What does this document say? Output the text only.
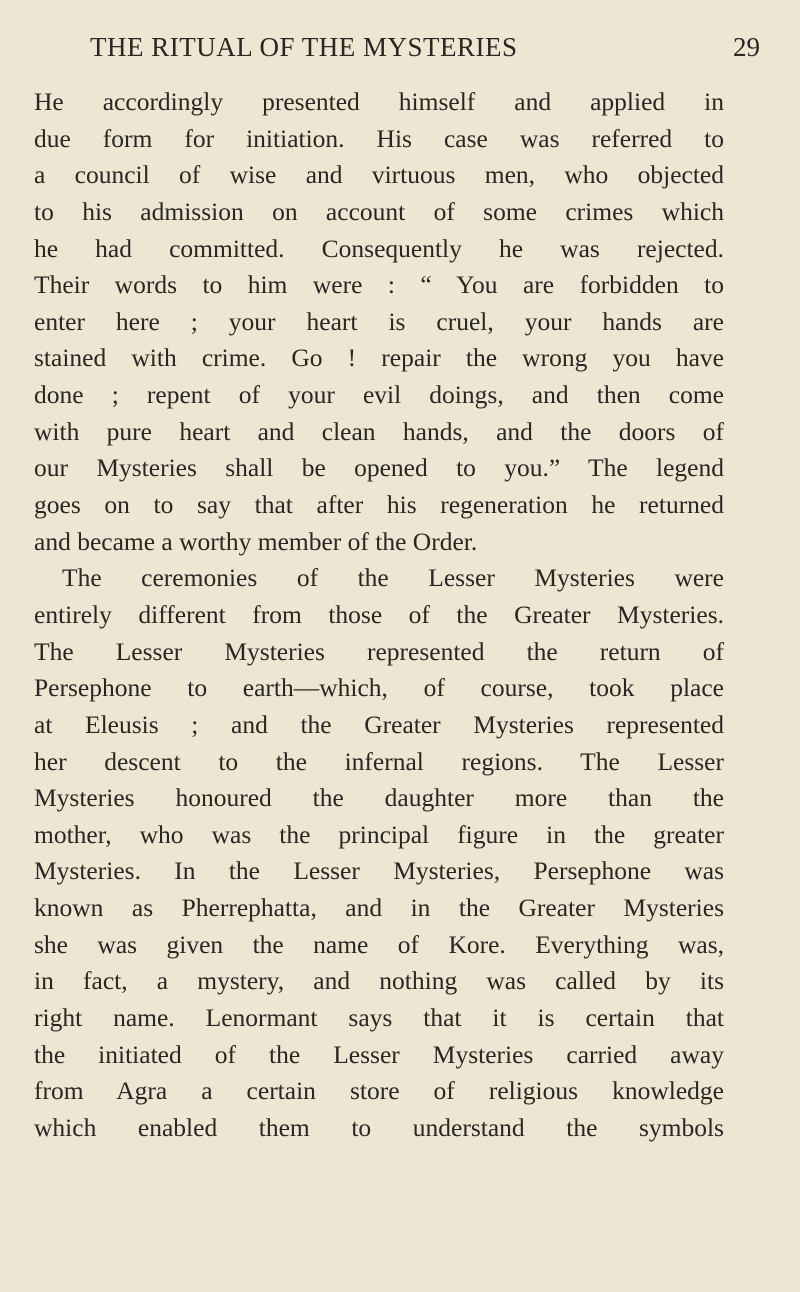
THE RITUAL OF THE MYSTERIES	29
He accordingly presented himself and applied in
due form for initiation. His case was referred to
a council of wise and virtuous men, who objected
to his admission on account of some crimes which
he had committed. Consequently he was rejected.
Their words to him were : “ You are forbidden to
enter here ; your heart is cruel, your hands are
stained with crime. Go ! repair the wrong you have
done ; repent of your evil doings, and then come
with pure heart and clean hands, and the doors of
our Mysteries shall be opened to you.” The legend
goes on to say that after his regeneration he returned
and became a worthy member of the Order.
The ceremonies of the Lesser Mysteries were
entirely different from those of the Greater Mysteries.
The Lesser Mysteries represented the return of
Persephone to earth—which, of course, took place
at Eleusis ; and the Greater Mysteries represented
her descent to the infernal regions. The Lesser
Mysteries honoured the daughter more than the
mother, who was the principal figure in the greater
Mysteries. In the Lesser Mysteries, Persephone was
known as Pherrephatta, and in the Greater Mysteries
she was given the name of Kore. Everything was,
in fact, a mystery, and nothing was called by its
right name. Lenormant says that it is certain that
the initiated of the Lesser Mysteries carried away
from Agra a certain store of religious knowledge
which enabled them to understand the symbols
